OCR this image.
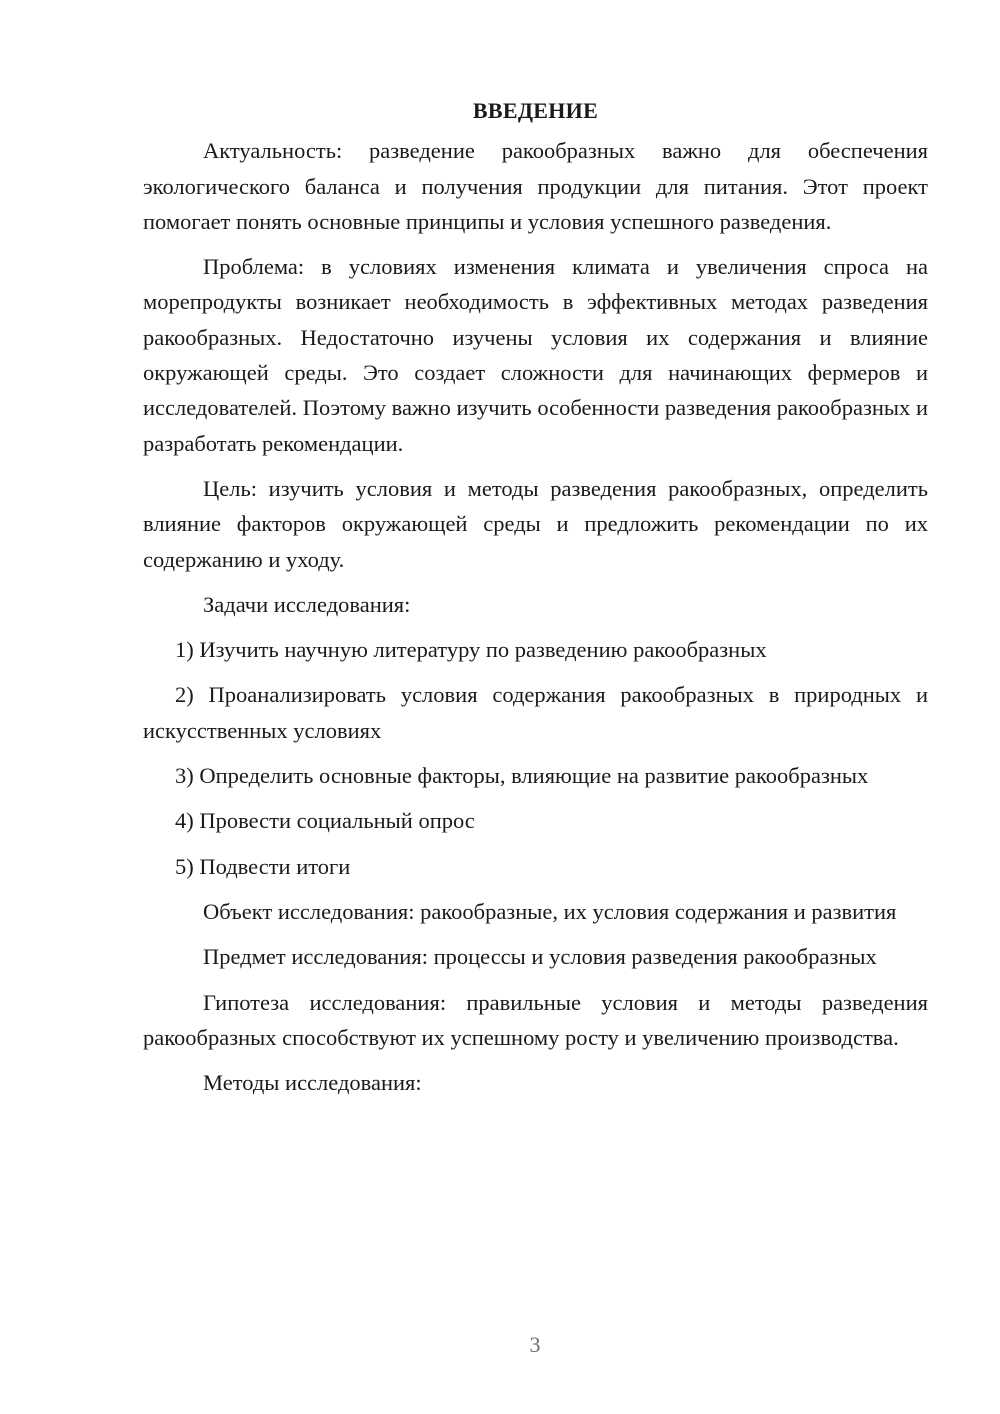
ВВЕДЕНИЕ

Актуальность: разведение ракообразных важно для обеспечения экологического баланса и получения продукции для питания. Этот проект помогает понять основные принципы и условия успешного разведения.

Проблема: в условиях изменения климата и увеличения спроса на морепродукты возникает необходимость в эффективных методах разведения ракообразных. Недостаточно изучены условия их содержания и влияние окружающей среды. Это создает сложности для начинающих фермеров и исследователей. Поэтому важно изучить особенности разведения ракообразных и разработать рекомендации.

Цель: изучить условия и методы разведения ракообразных, определить влияние факторов окружающей среды и предложить рекомендации по их содержанию и уходу.

Задачи исследования:

1) Изучить научную литературу по разведению ракообразных

2) Проанализировать условия содержания ракообразных в природных и искусственных условиях

3) Определить основные факторы, влияющие на развитие ракообразных

4) Провести социальный опрос

5) Подвести итоги

Объект исследования: ракообразные, их условия содержания и развития

Предмет исследования: процессы и условия разведения ракообразных

Гипотеза исследования: правильные условия и методы разведения ракообразных способствуют их успешному росту и увеличению производства.

Методы исследования:

3
